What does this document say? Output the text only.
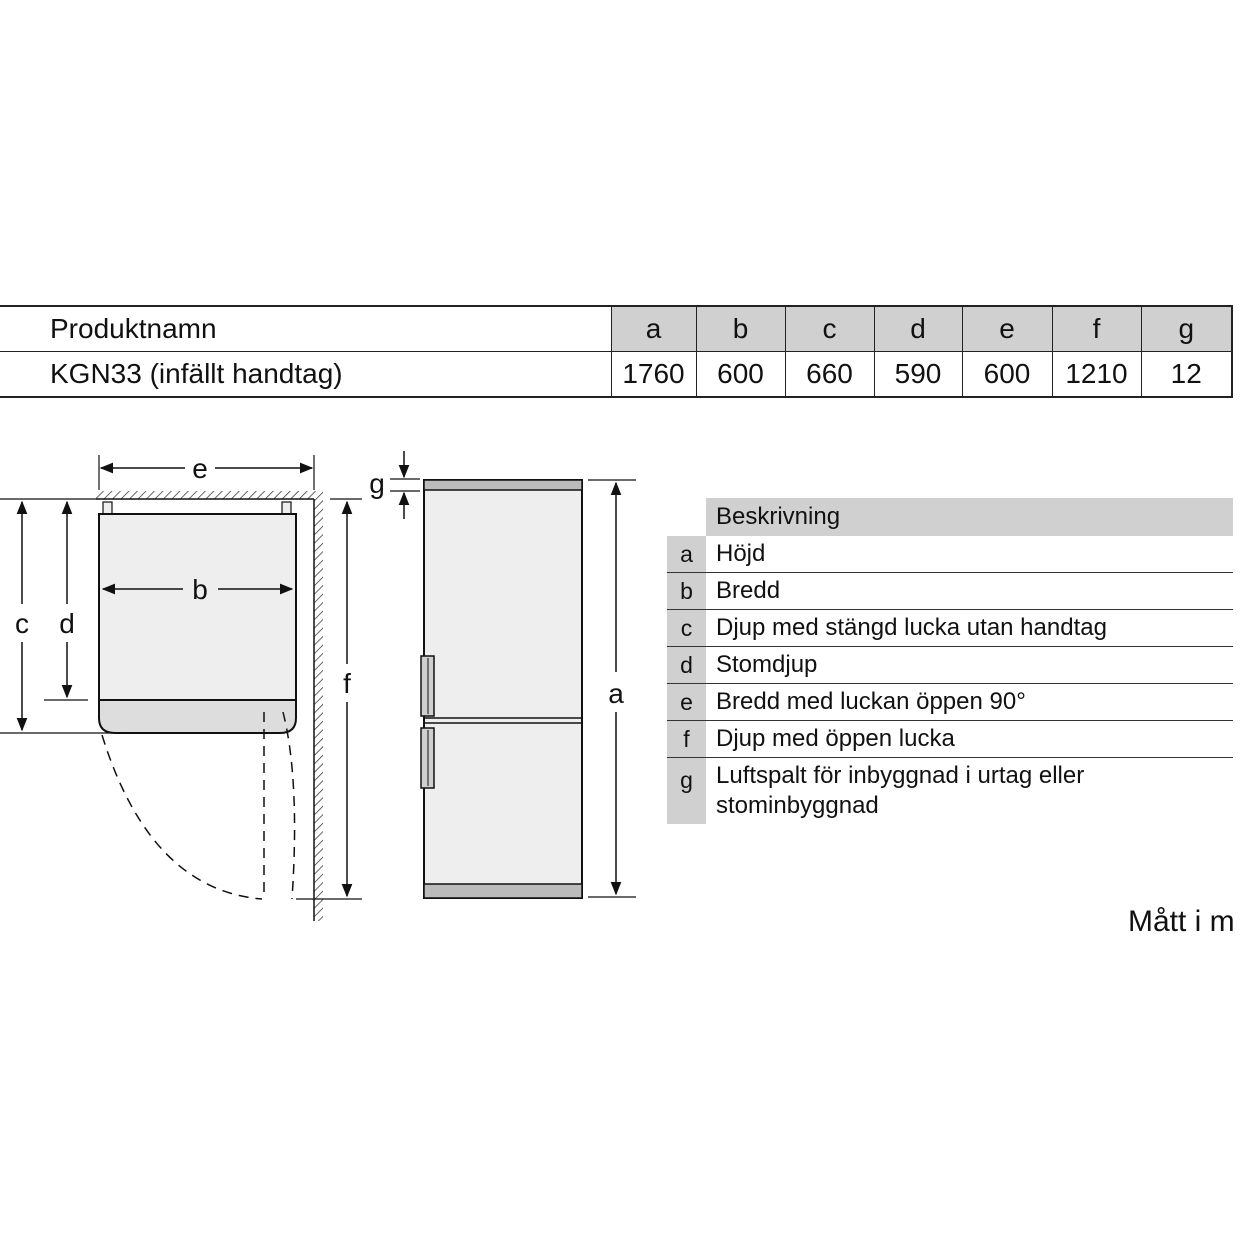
Produktnamn	a	b	c	d	e	f	g
KGN33 (infällt handtag)	1760	600	660	590	600	1210	12
e
b
c d
f
g
a
Beskrivning
a Höjd
b Bredd
c Djup med stängd lucka utan handtag
d Stomdjup
e Bredd med luckan öppen 90°
f	Djup med öppen lucka
g Luftspalt för inbyggnad i urtag eller stominbyggnad
Mått i m
